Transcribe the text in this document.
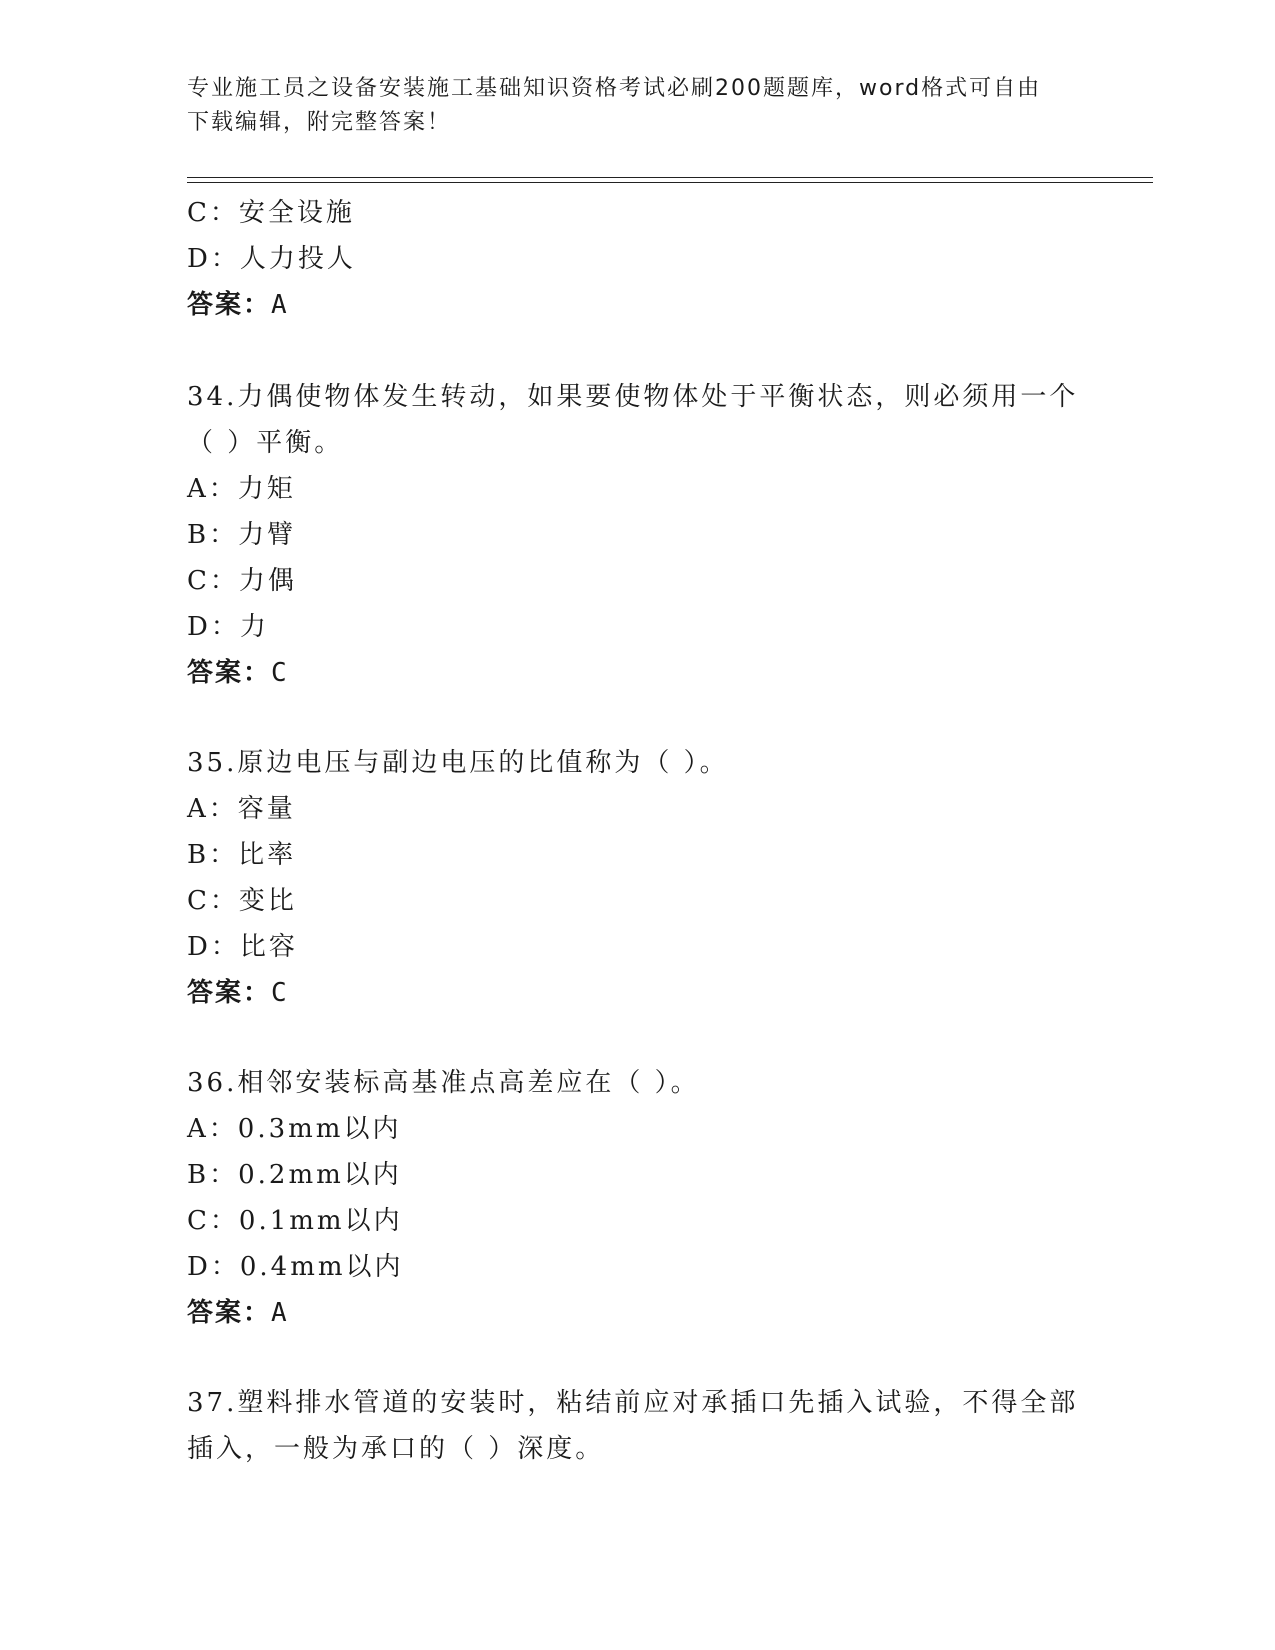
专业施工员之设备安装施工基础知识资格考试必刷200题题库，word格式可自由
下载编辑，附完整答案！
C：安全设施
D：人力投人
答案：A
34.力偶使物体发生转动，如果要使物体处于平衡状态，则必须用一个
（ ）平衡。
A：力矩
B：力臂
C：力偶
D：力
答案：C
35.原边电压与副边电压的比值称为（ ）。
A：容量
B：比率
C：变比
D：比容
答案：C
36.相邻安装标高基准点高差应在（ ）。
A：0.3mm以内
B：0.2mm以内
C：0.1mm以内
D：0.4mm以内
答案：A
37.塑料排水管道的安装时，粘结前应对承插口先插入试验，不得全部
插入，一般为承口的（ ）深度。
